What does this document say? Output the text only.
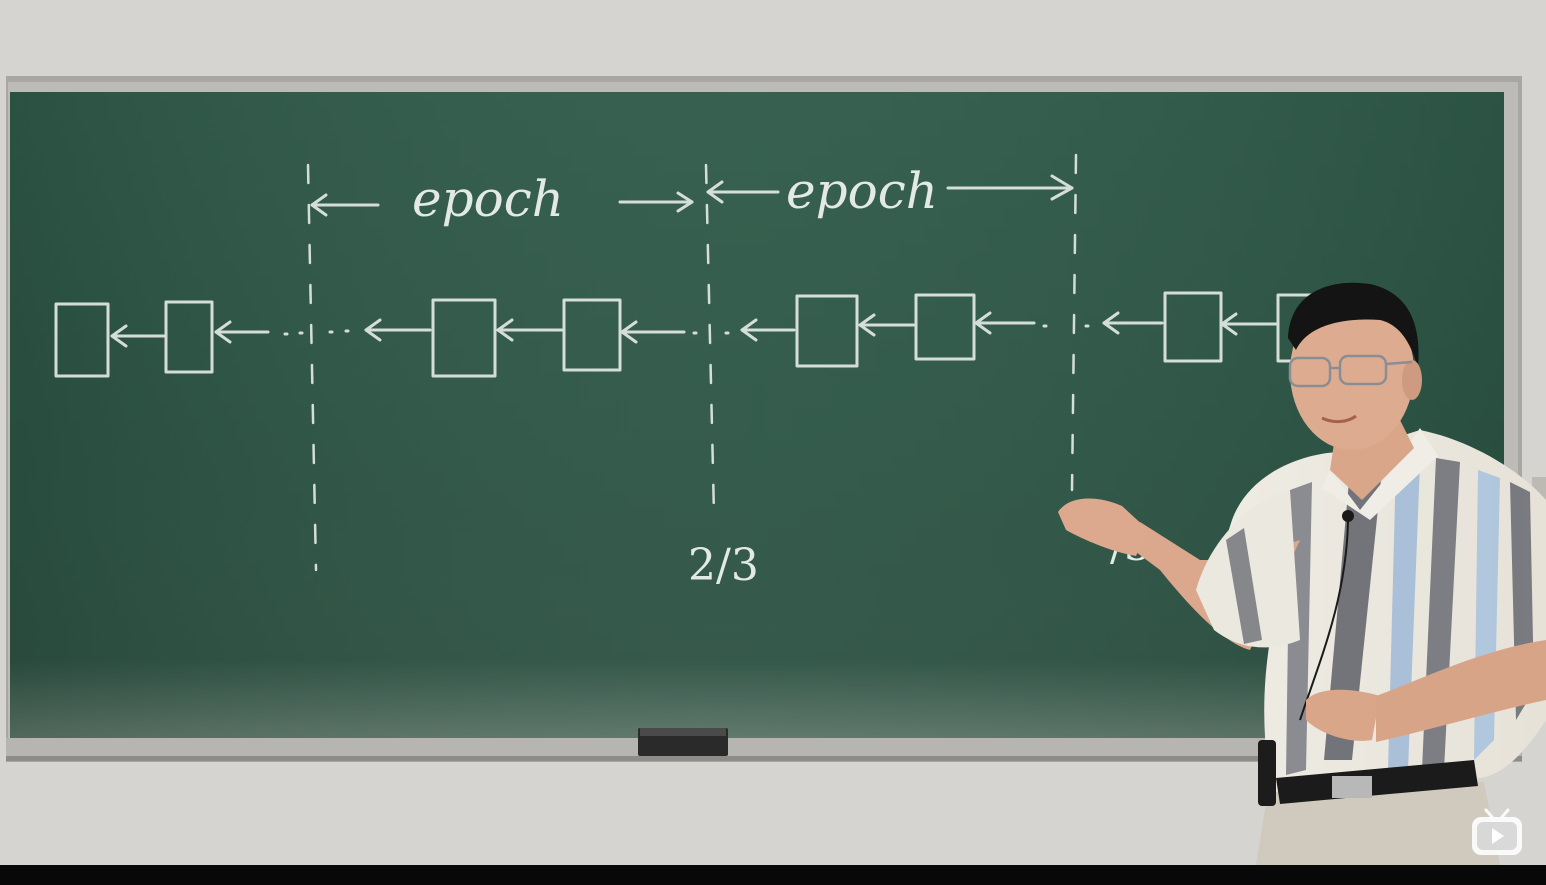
epoch	epoch
2/3
